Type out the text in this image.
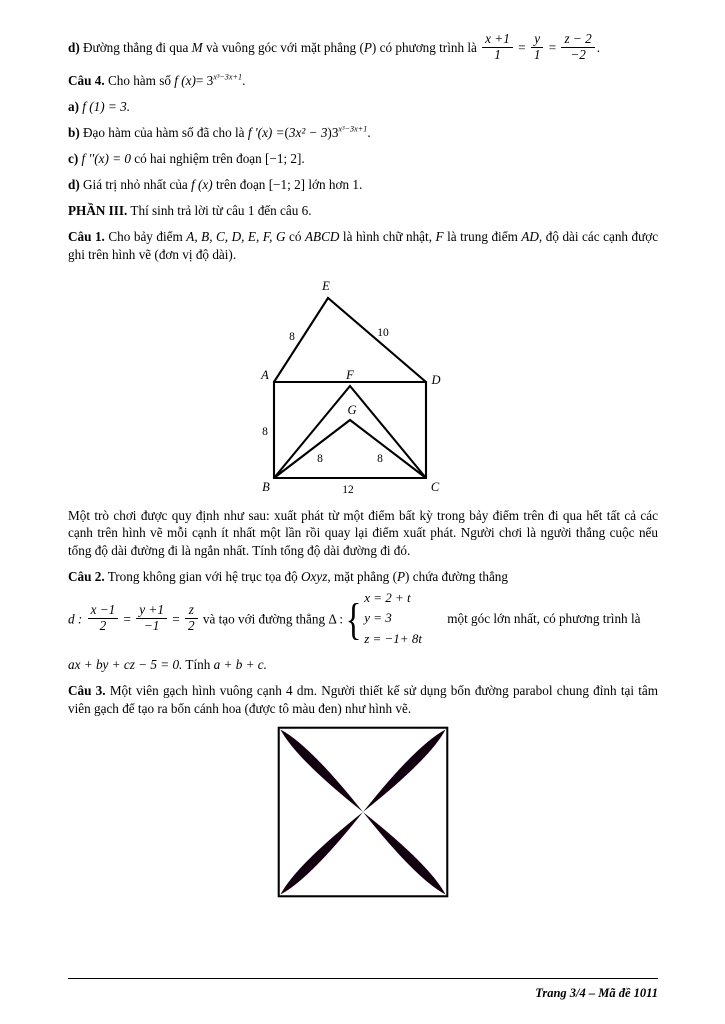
d) Đường thẳng đi qua M và vuông góc với mặt phẳng (P) có phương trình là $\frac{x +1}{1} = \frac{y}{1} = \frac{z - 2}{-2}$ .

Câu 4. Cho hàm số f $(x)= 3^{x^3-3x+1}$.

a) f (1) = 3.

b) Đạo hàm của hàm số đã cho là f $'(x) =(3x^2 - 3)3^{x^3-3x+1}$.

c) f ′′(x) = 0 có hai nghiệm trên đoạn [−1; 2].

d) Giá trị nhỏ nhất của f (x) trên đoạn [−1; 2] lớn hơn 1.

PHẦN III. Thí sinh trả lời từ câu 1 đến câu 6.

Câu 1. Cho bảy điểm A, B, C, D, E, F, G có ABCD là hình chữ nhật, F là trung điểm AD, độ dài các cạnh được ghi trên hình vẽ (đơn vị độ dài).

E
A	D
F
G
B	C
8	10
8
12
8	8

Một trò chơi được quy định như sau: xuất phát từ một điểm bất kỳ trong bảy điểm trên đi qua hết tất cả các cạnh trên hình vẽ mỗi cạnh ít nhất một lần rồi quay lại điểm xuất phát. Người chơi là người thắng cuộc nếu tổng độ dài đường đi là ngắn nhất. Tính tổng độ dài đường đi đó.

Câu 2. Trong không gian với hệ trục tọa độ Oxyz, mặt phẳng (P) chứa đường thẳng

d : $\frac{x -1}{2} = \frac{y +1}{-1} = \frac{z}{2}$ và tạo với đường thẳng Δ :{ x = 2 + t
y = 3
z = −1+ 8t
một góc lớn nhất, có phương trình là

ax + by + cz − 5 = 0. Tính a + b + c.

Câu 3. Một viên gạch hình vuông cạnh 4 dm. Người thiết kế sử dụng bốn đường parabol chung đỉnh tại tâm viên gạch để tạo ra bốn cánh hoa (được tô màu đen) như hình vẽ.

Trang 3/4 – Mã đề 1011
